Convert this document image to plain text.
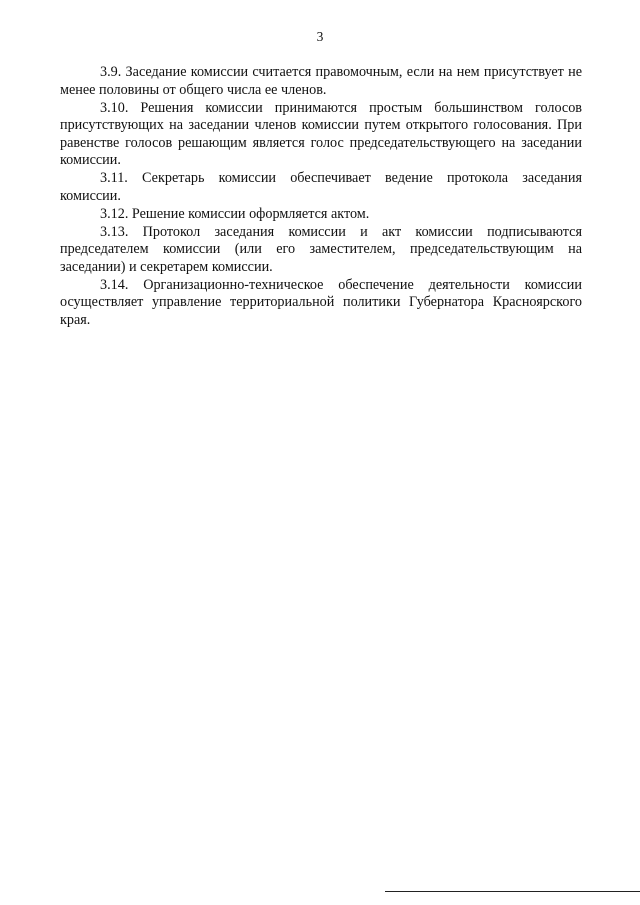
3

3.9. Заседание комиссии считается правомочным, если на нем присутствует не менее половины от общего числа ее членов.

3.10. Решения комиссии принимаются простым большинством голосов присутствующих на заседании членов комиссии путем открытого голосования. При равенстве голосов решающим является голос председательствующего на заседании комиссии.

3.11. Секретарь комиссии обеспечивает ведение протокола заседания комиссии.

3.12. Решение комиссии оформляется актом.

3.13. Протокол заседания комиссии и акт комиссии подписываются председателем комиссии (или его заместителем, председательствующим на заседании) и секретарем комиссии.

3.14. Организационно-техническое обеспечение деятельности комиссии осуществляет управление территориальной политики Губернатора Красноярского края.
